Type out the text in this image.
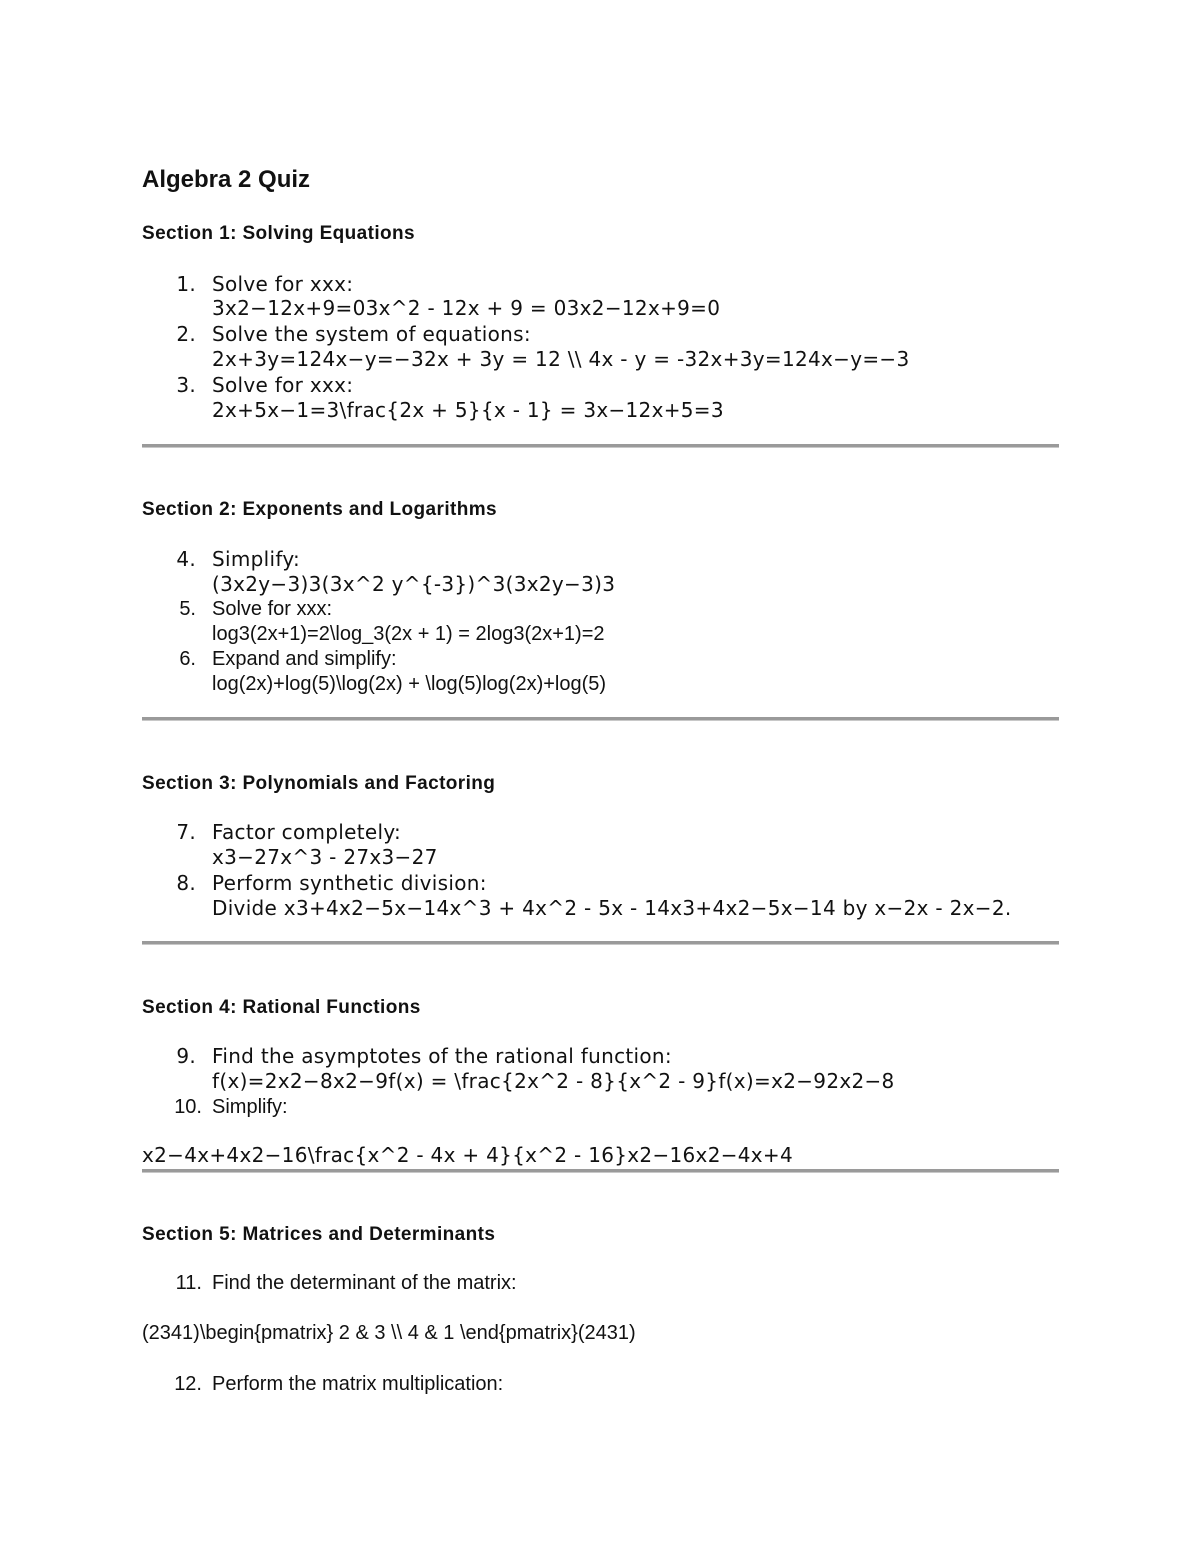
Algebra 2 Quiz
Section 1: Solving Equations
1. Solve for xxx:
3x2−12x+9=03x^2 - 12x + 9 = 03x2−12x+9=0
2. Solve the system of equations:
2x+3y=124x−y=−32x + 3y = 12 \\ 4x - y = -32x+3y=124x−y=−3
3. Solve for xxx:
2x+5x−1=3\frac{2x + 5}{x - 1} = 3x−12x+5=3
Section 2: Exponents and Logarithms
4. Simplify:
(3x2y−3)3(3x^2 y^{-3})^3(3x2y−3)3
5. Solve for xxx:
log3(2x+1)=2\log_3(2x + 1) = 2log3(2x+1)=2
6. Expand and simplify:
log(2x)+log(5)\log(2x) + \log(5)log(2x)+log(5)
Section 3: Polynomials and Factoring
7. Factor completely:
x3−27x^3 - 27x3−27
8. Perform synthetic division:
Divide x3+4x2−5x−14x^3 + 4x^2 - 5x - 14x3+4x2−5x−14 by x−2x - 2x−2.
Section 4: Rational Functions
9. Find the asymptotes of the rational function:
f(x)=2x2−8x2−9f(x) = \frac{2x^2 - 8}{x^2 - 9}f(x)=x2−92x2−8
10. Simplify:
x2−4x+4x2−16\frac{x^2 - 4x + 4}{x^2 - 16}x2−16x2−4x+4
Section 5: Matrices and Determinants
11. Find the determinant of the matrix:
(2341)\begin{pmatrix} 2 & 3 \\ 4 & 1 \end{pmatrix}(2431)
12. Perform the matrix multiplication:
